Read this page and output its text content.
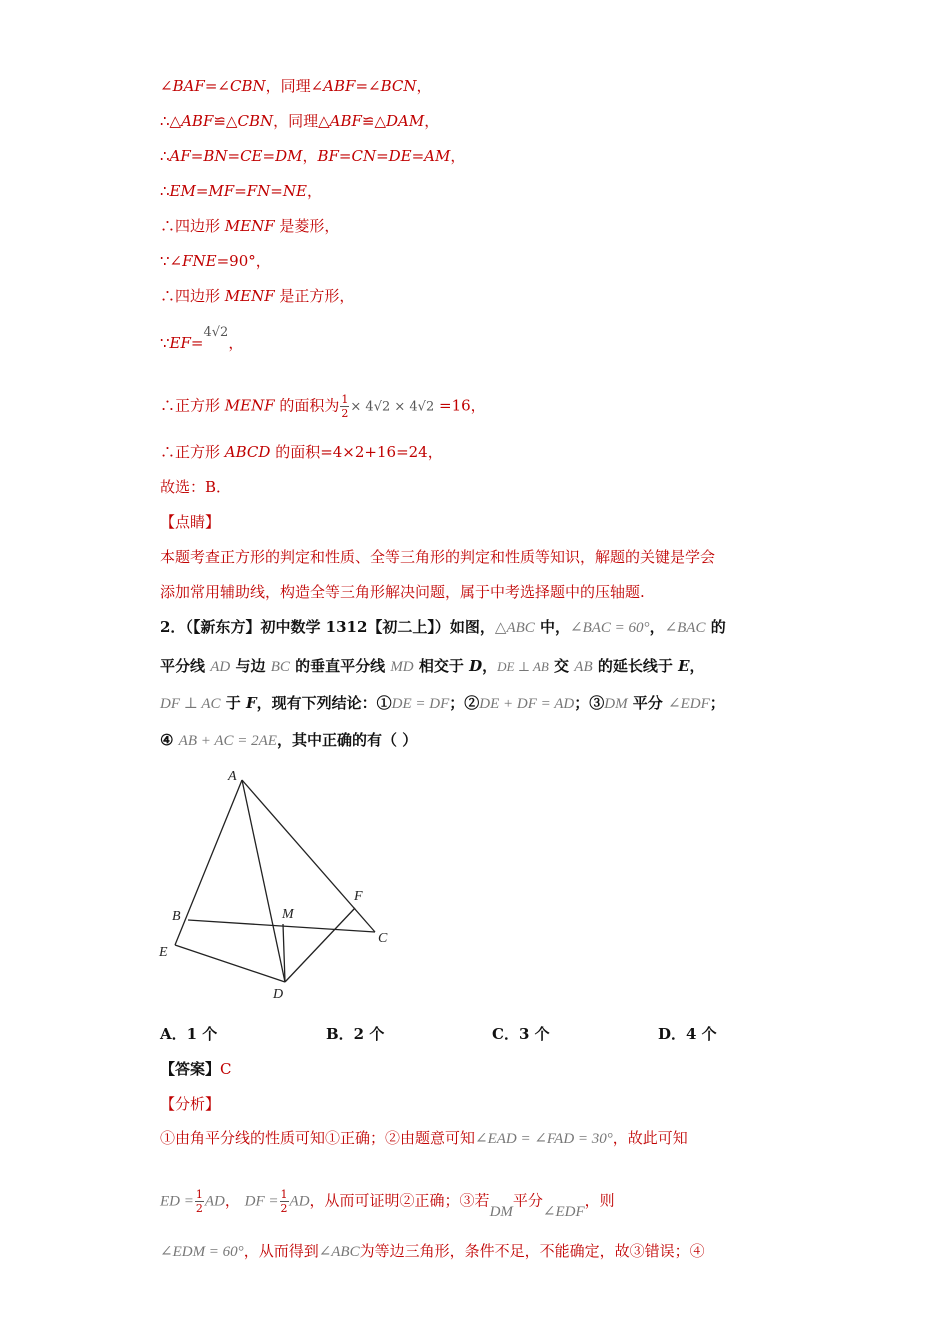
∠BAF=∠CBN，同理∠ABF=∠BCN，
∴△ABF≌△CBN，同理△ABF≌△DAM，
∴AF=BN=CE=DM，BF=CN=DE=AM，
∴EM=MF=FN=NE，
∴四边形 MENF 是菱形，
∵∠FNE=90°，
∴四边形 MENF 是正方形，
∵EF=4√2，
∴正方形 MENF 的面积为 $\frac{1}{2} \times 4√2 \times 4√2 =16$，
∴正方形 ABCD 的面积=4×2+16=24，
故选：B．
【点睛】
本题考查正方形的判定和性质、全等三角形的判定和性质等知识，解题的关键是学会
添加常用辅助线，构造全等三角形解决问题，属于中考选择题中的压轴题.
2．（【新东方】初中数学 1312【初二上】）如图，△ABC 中，∠BAC = 60°，∠BAC 的
平分线 AD 与边 BC 的垂直平分线 MD 相交于 D，DE ⊥ AB 交 AB 的延长线于 E，
DF ⊥ AC 于 F，现有下列结论：①DE = DF；②DE + DF = AD；③DM 平分 ∠EDF；
④ AB + AC = 2AE，其中正确的有（ ）
A
B	M
F
C
E
D
A．1 个	B．2 个	C．3 个	D．4 个
【答案】C
【分析】
①由角平分线的性质可知①正确；②由题意可知∠EAD = ∠FAD = 30°，故此可知
ED = $\frac{1}{2}$ AD， DF = $\frac{1}{2}$ AD，从而可证明②正确；③若DM平分∠EDF，则
∠EDM = 60°，从而得到∠ABC为等边三角形，条件不足，不能确定，故③错误；④
